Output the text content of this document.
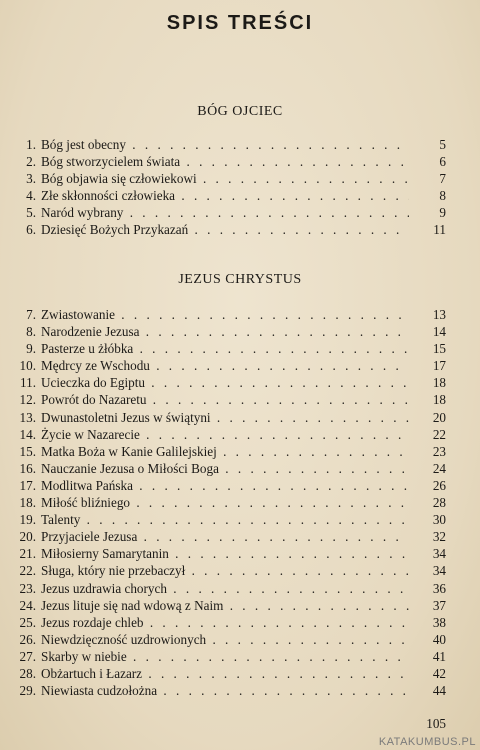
SPIS TREŚCI
BÓG OJCIEC
1. Bóg jest obecny . . .	5
2. Bóg stworzycielem świata . . .	6
3. Bóg objawia się człowiekowi . . .	7
4. Złe skłonności człowieka . . .	8
5. Naród wybrany . . .	9
6. Dziesięć Bożych Przykazań . . .	11
JEZUS CHRYSTUS
7. Zwiastowanie . . .	13
8. Narodzenie Jezusa . . .	14
9. Pasterze u żłóbka . . .	15
10. Mędrcy ze Wschodu . . .	17
11. Ucieczka do Egiptu . . .	18
12. Powrót do Nazaretu . . .	18
13. Dwunastoletni Jezus w świątyni . . .	20
14. Życie w Nazarecie . . .	22
15. Matka Boża w Kanie Galilejskiej . . .	23
16. Nauczanie Jezusa o Miłości Boga . . .	24
17. Modlitwa Pańska . . .	26
18. Miłość bliźniego . . .	28
19. Talenty . . .	30
20. Przyjaciele Jezusa . . .	32
21. Miłosierny Samarytanin . . .	34
22. Sługa, który nie przebaczył . . .	34
23. Jezus uzdrawia chorych . . .	36
24. Jezus lituje się nad wdową z Naim . . .	37
25. Jezus rozdaje chleb . . .	38
26. Niewdzięczność uzdrowionych . . .	40
27. Skarby w niebie . . .	41
28. Obżartuch i Łazarz . . .	42
29. Niewiasta cudzołożna . . .	44
105
KATAKUMBUS.PL
